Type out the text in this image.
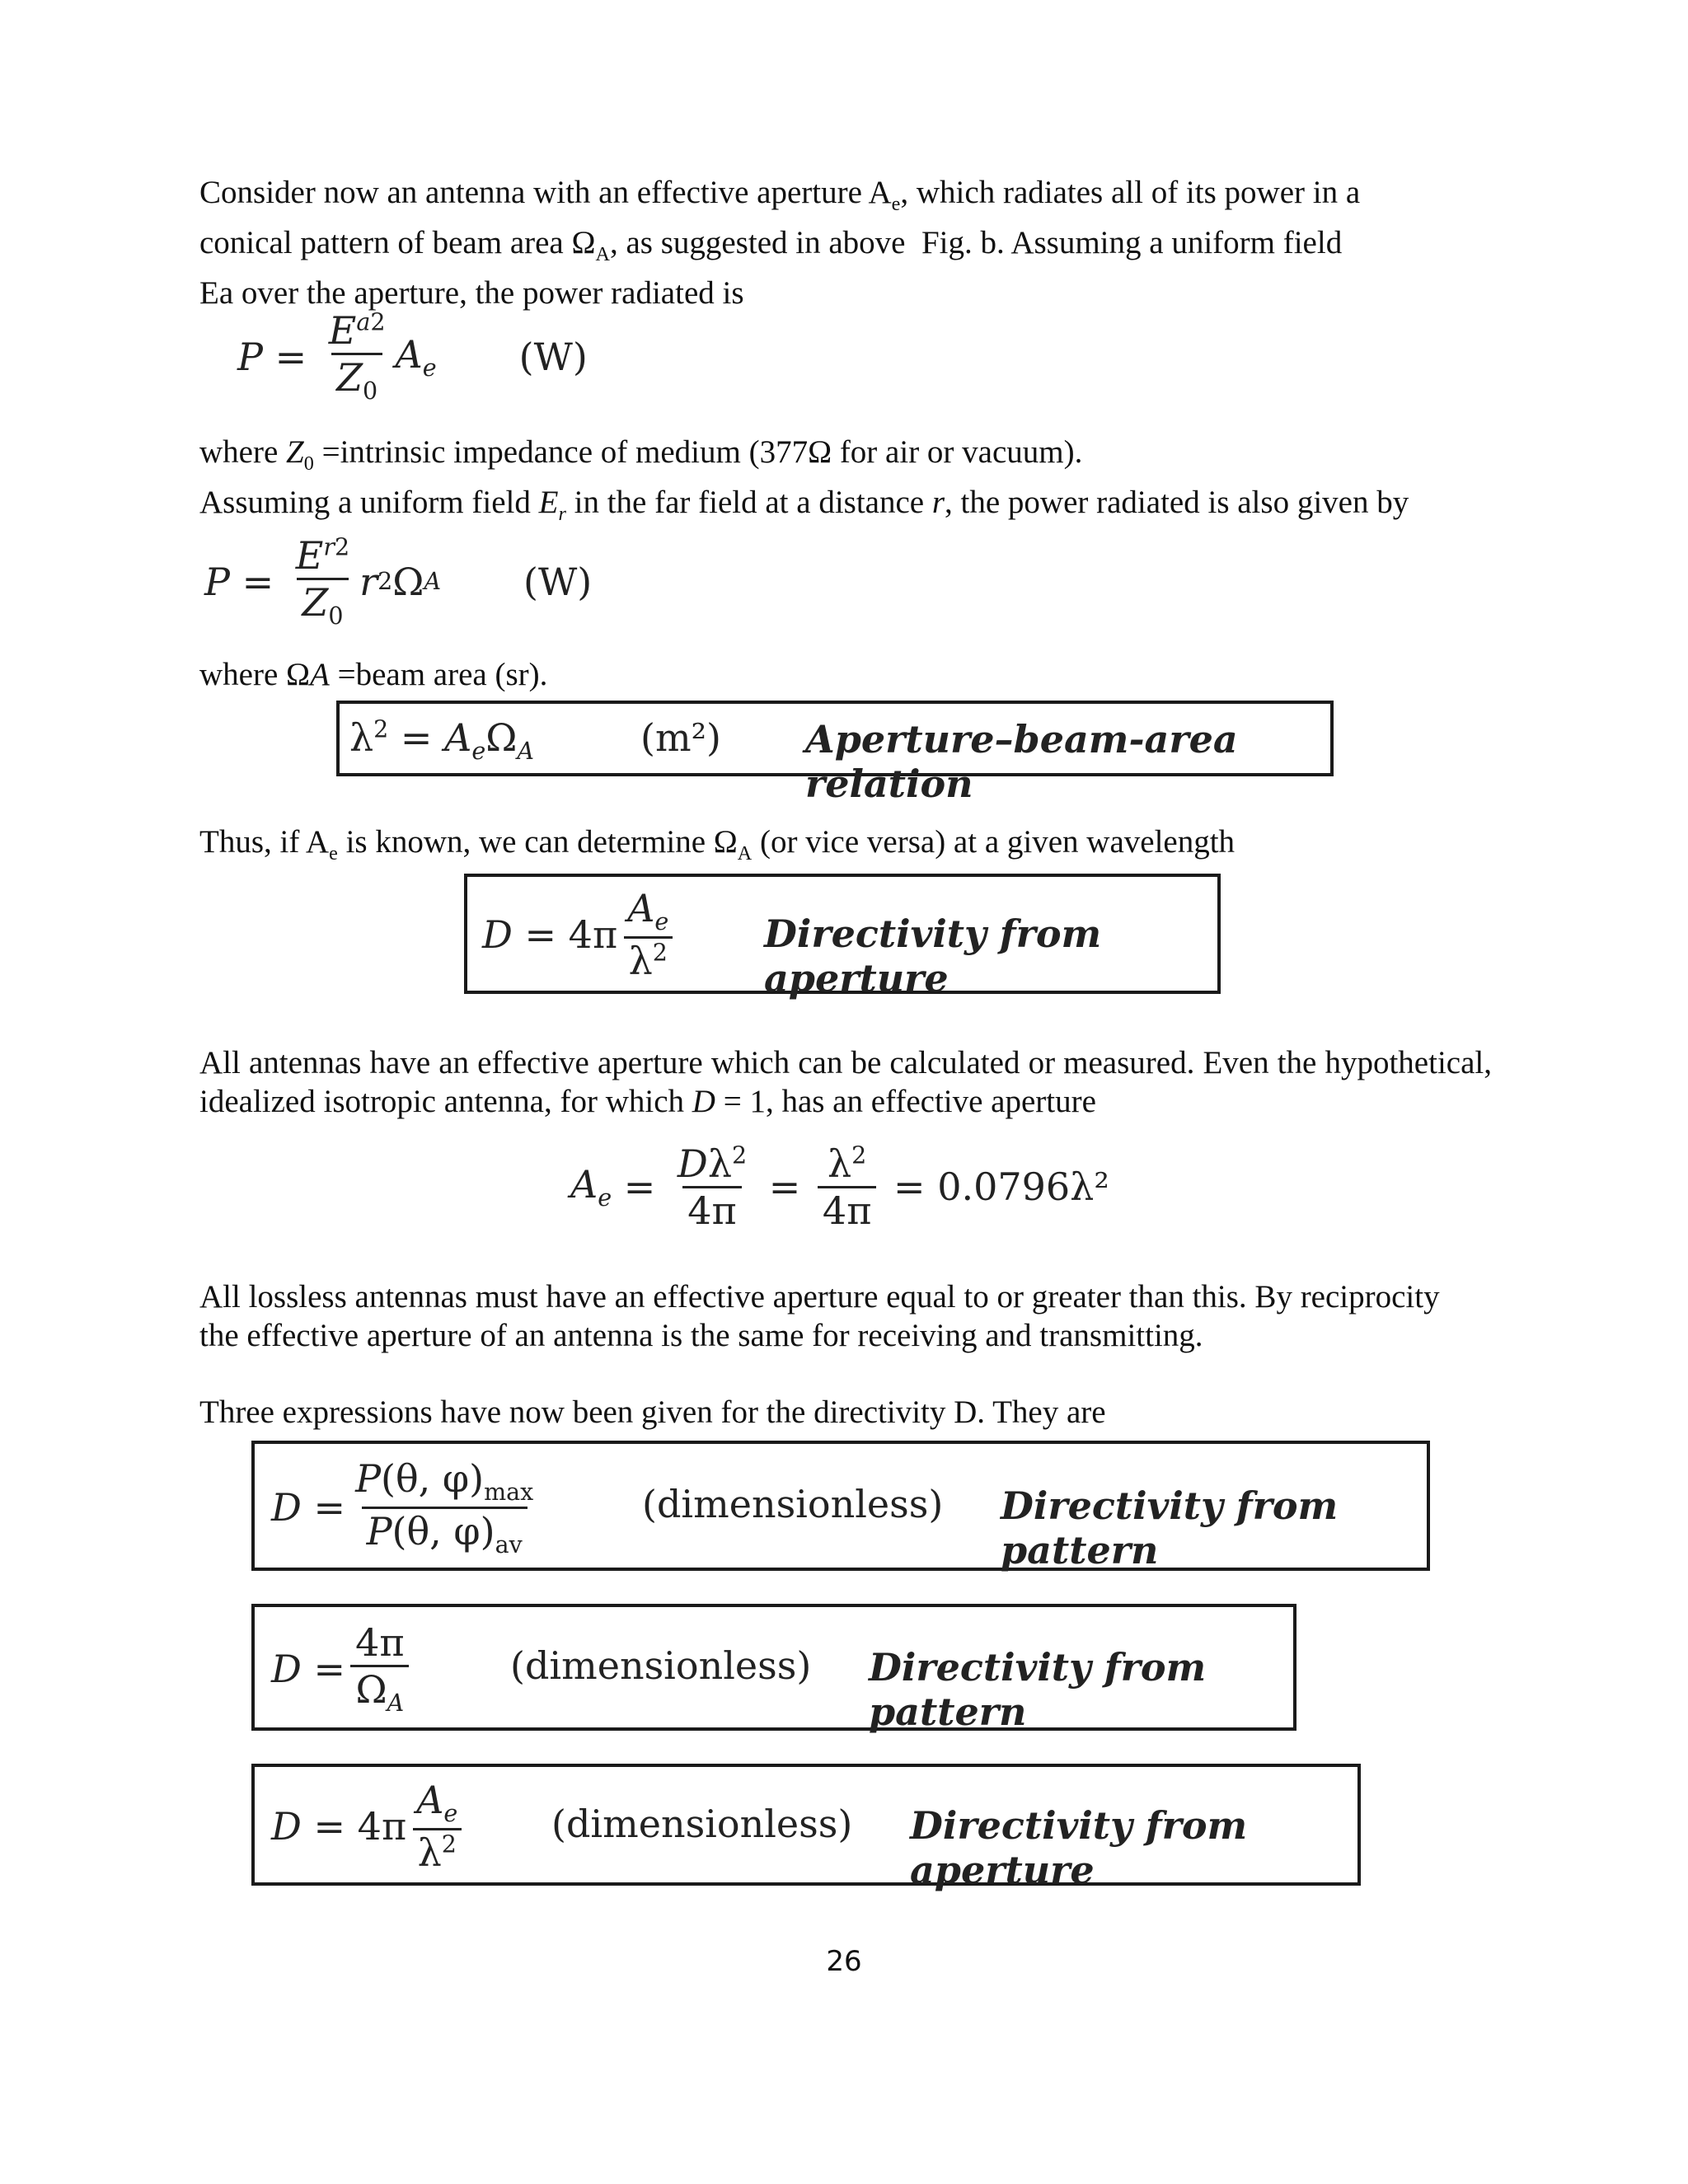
Consider now an antenna with an effective aperture $A_e$, which radiates all of its power in a
conical pattern of beam area $\Omega_A$, as suggested in above  Fig. b. Assuming a uniform field
Ea over the aperture, the power radiated is

$P = \frac{E^{a2}}{Z_0} A_e$ (W)

where $Z_0$ =intrinsic impedance of medium (377Ω for air or vacuum).
Assuming a uniform field $E_r$ in the far field at a distance r, the power radiated is also given by

$P = \frac{E^{r2}}{Z_0}$ r 2 Ω A (W)

where ΩA =beam area (sr).

$\lambda^2 = A_e\Omega_A$	(m²) Aperture–beam-area relation

Thus, if $A_e$ is known, we can determine $\Omega_A$ (or vice versa) at a given wavelength

$D = 4\pi \frac{A_e}{\lambda^2}$ Directivity from aperture

All antennas have an effective aperture which can be calculated or measured. Even the hypothetical, idealized isotropic antenna, for which D = 1, has an effective aperture

$A_e = \frac{D\lambda^2}{4\pi} = \frac{\lambda^2}{4\pi}$
= 0.0796λ²

All lossless antennas must have an effective aperture equal to or greater than this. By reciprocity
the effective aperture of an antenna is the same for receiving and transmitting.

Three expressions have now been given for the directivity D. They are

$D = \frac{P(\theta, \varphi)_{max}}{P(\theta, \varphi)_{av}}$	(dimensionless) Directivity from pattern
$D = \frac{4\pi}{\Omega_A}$	(dimensionless) Directivity from pattern
$D = 4\pi \frac{A_e}{\lambda^2}$ (dimensionless) Directivity from aperture
26
